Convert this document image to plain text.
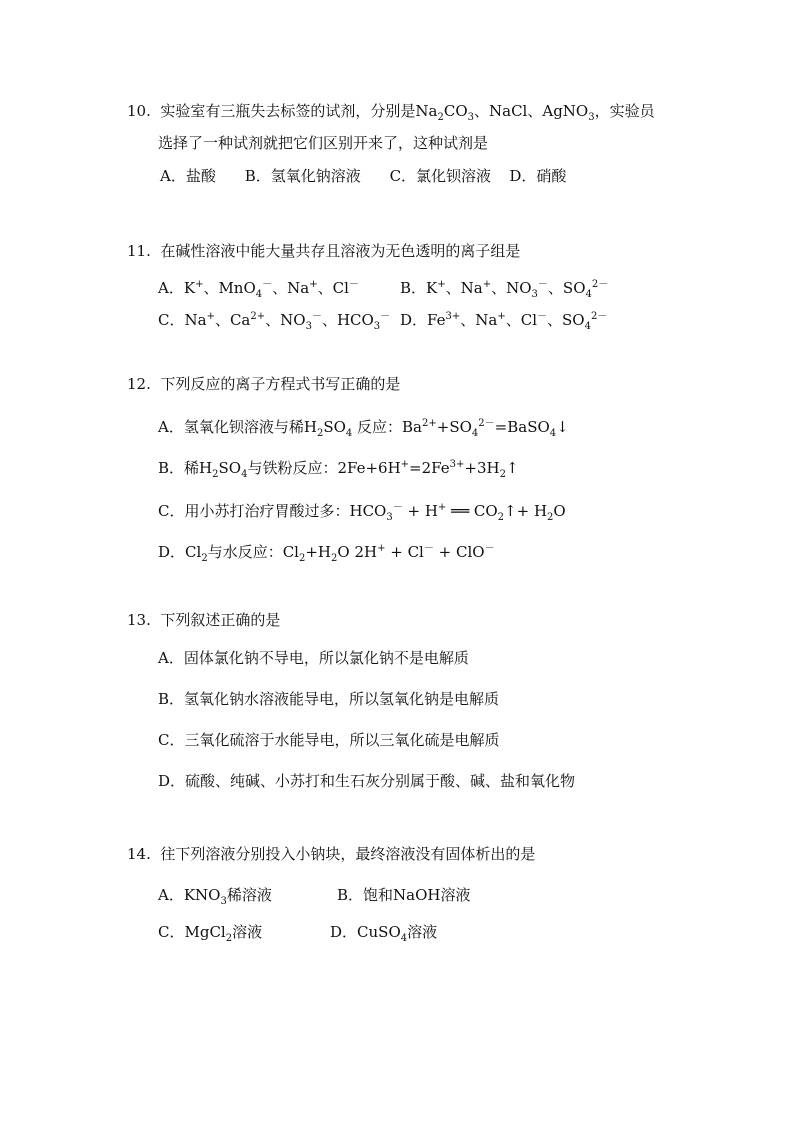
10. 实验室有三瓶失去标签的试剂，分别是$Na_2CO_3$、NaCl、AgNO$_3$，实验员
选择了一种试剂就把它们区别开来了，这种试剂是
A．盐酸 B．氢氧化钠溶液 C．氯化钡溶液 D．硝酸
11. 在碱性溶液中能大量共存且溶液为无色透明的离子组是
A．K+、MnO$_4$－、Na+、Cl－	B．K+、Na+、$NO_3^-$、$SO_4^{2-}$
C．Na+、$Ca^{2+}$、$NO_3^-$、$HCO_3^-$ D．$Fe^{3+}$、Na+、Cl－、$SO_4^{2-}$
12. 下列反应的离子方程式书写正确的是
A．氢氧化钡溶液与稀$H_2SO_4$ 反应：$Ba^{2+}+SO_4^{2-}=BaSO_4↓$
B．稀$H_2SO_4$与铁粉反应：$2Fe+6H^+=2Fe^{3+}+3H_2↑$
C．用小苏打治疗胃酸过多：$HCO_3^- + H^+$ ══ $CO_2↑+ H_2O$
D．$Cl_2$与水反应：$Cl_2+H_2O$ 2H+ + Cl－ + ClO－
13. 下列叙述正确的是
A．固体氯化钠不导电，所以氯化钠不是电解质
B．氢氧化钠水溶液能导电，所以氢氧化钠是电解质
C．三氧化硫溶于水能导电，所以三氧化硫是电解质
D．硫酸、纯碱、小苏打和生石灰分别属于酸、碱、盐和氧化物
14. 往下列溶液分别投入小钠块，最终溶液没有固体析出的是
A．$KNO_3$稀溶液	B．饱和NaOH溶液
C．MgCl$_2$溶液	D．CuSO$_4$溶液
